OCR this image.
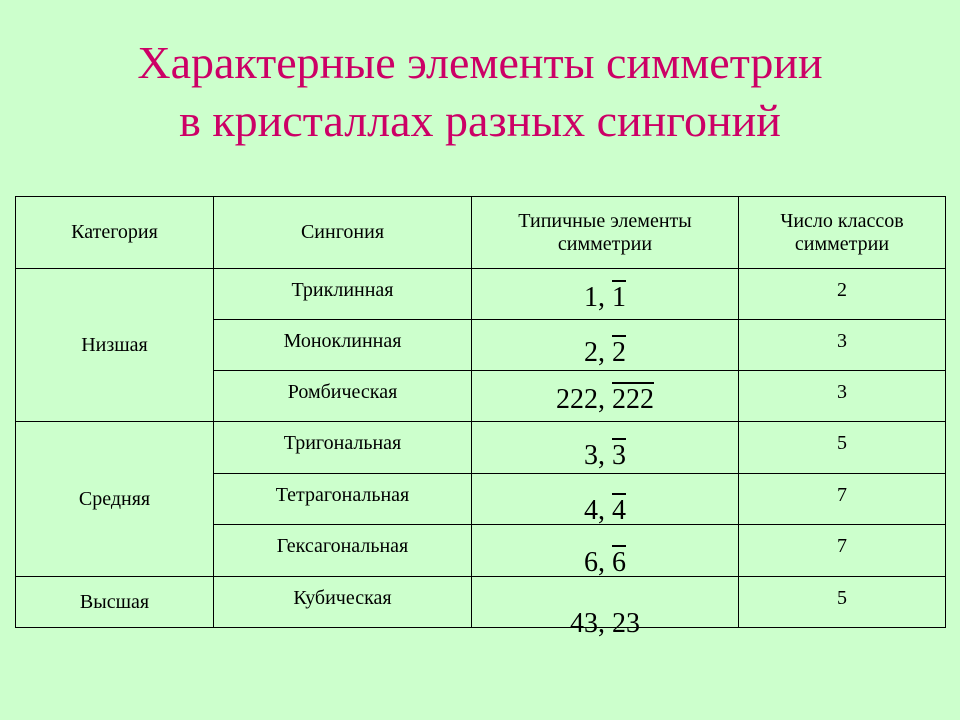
Характерные элементы симметрии
в кристаллах разных сингоний
Категория	Сингония	Типичные элементы симметрии	Число классов симметрии
Низшая	Триклинная	1, 1	2
	Моноклинная	2, 2	3
	Ромбическая	222, 222	3
Средняя	Тригональная	3, 3	5
	Тетрагональная	4, 4	7
	Гексагональная	6, 6	7
Высшая	Кубическая	43, 23	5
